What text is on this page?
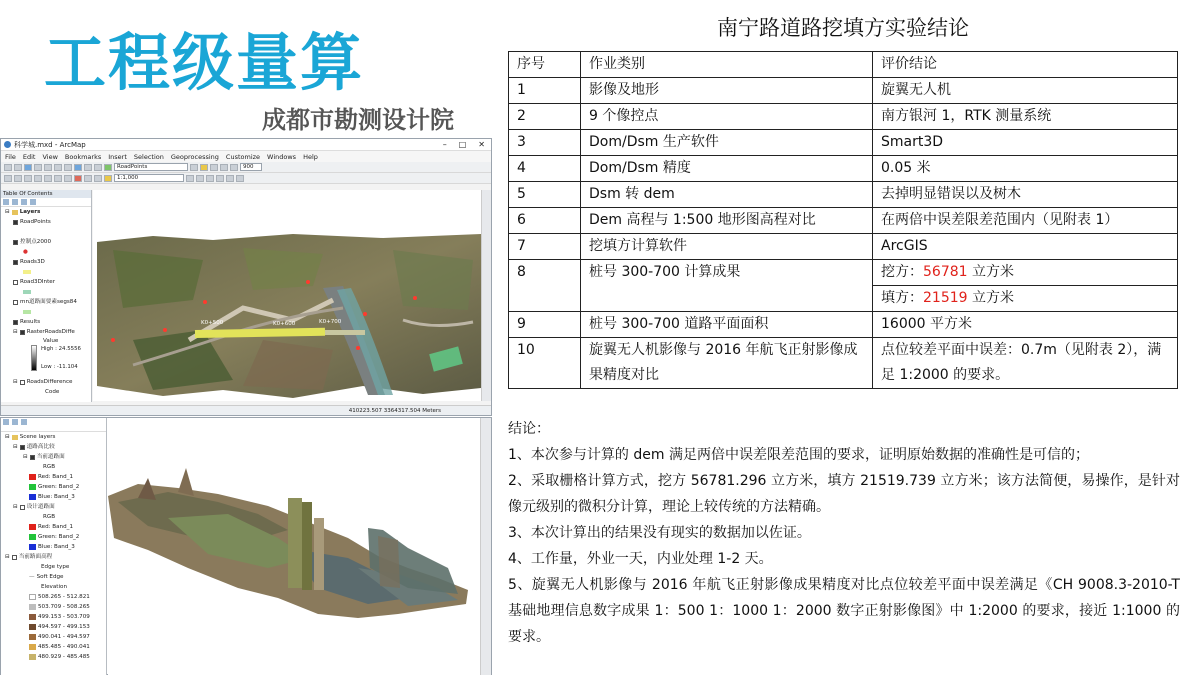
工程级量算
成都市勘测设计院
科学城.mxd - ArcMap	– □ ✕
File Edit View Bookmarks Insert Selection Geoprocessing Customize Windows Help
RoadPoints	900
1:1,000
Table Of Contents
⊟ Layers
RoadPoints
控制点2000
●
Roads3D
Road3DInter
mn道路面要素segs84
Results
⊟ RasterRoadsDiffe
Value
High : 24.5556
Low : -11.104
⊟ RoadsDifference
Code
K0+500	K0+600	K0+700
410223.507 3364317.504 Meters
⊟ Scene layers
⊟ 道路高比较
⊟ 当前道路面
RGB
Red: Band_1
Green: Band_2
Blue: Band_3
⊟ 设计道路面
RGB
Red: Band_1
Green: Band_2
Blue: Band_3
⊟ 当前路面高程
Edge type
— Soft Edge
Elevation
508.265 - 512.821
503.709 - 508.265
499.153 - 503.709
494.597 - 499.153
490.041 - 494.597
485.485 - 490.041
480.929 - 485.485
南宁路道路挖填方实验结论
序号	作业类别	评价结论
1	影像及地形	旋翼无人机
2	9 个像控点	南方银河 1，RTK 测量系统
3	Dom/Dsm 生产软件	Smart3D
4	Dom/Dsm 精度	0.05 米
5	Dsm 转 dem	去掉明显错误以及树木
6	Dem 高程与 1:500 地形图高程对比	在两倍中误差限差范围内（见附表 1）
7	挖填方计算软件	ArcGIS
8	桩号 300-700 计算成果	挖方：56781 立方米
填方：21519 立方米

9	桩号 300-700 道路平面面积	16000 平方米
10	旋翼无人机影像与 2016 年航飞正射影像成果精度对比	点位较差平面中误差：0.7m（见附表 2），满足 1:2000 的要求。

结论：

1、本次参与计算的 dem 满足两倍中误差限差范围的要求，证明原始数据的准确性是可信的；

2、采取栅格计算方式，挖方 56781.296 立方米，填方 21519.739 立方米；该方法简便，易操作，是针对像元级别的微积分计算，理论上较传统的方法精确。

3、本次计算出的结果没有现实的数据加以佐证。

4、工作量，外业一天，内业处理 1-2 天。

5、旋翼无人机影像与 2016 年航飞正射影像成果精度对比点位较差平面中误差满足《CH 9008.3-2010-T 基础地理信息数字成果 1：500 1：1000 1：2000 数字正射影像图》中 1:2000 的要求，接近 1:1000 的要求。
